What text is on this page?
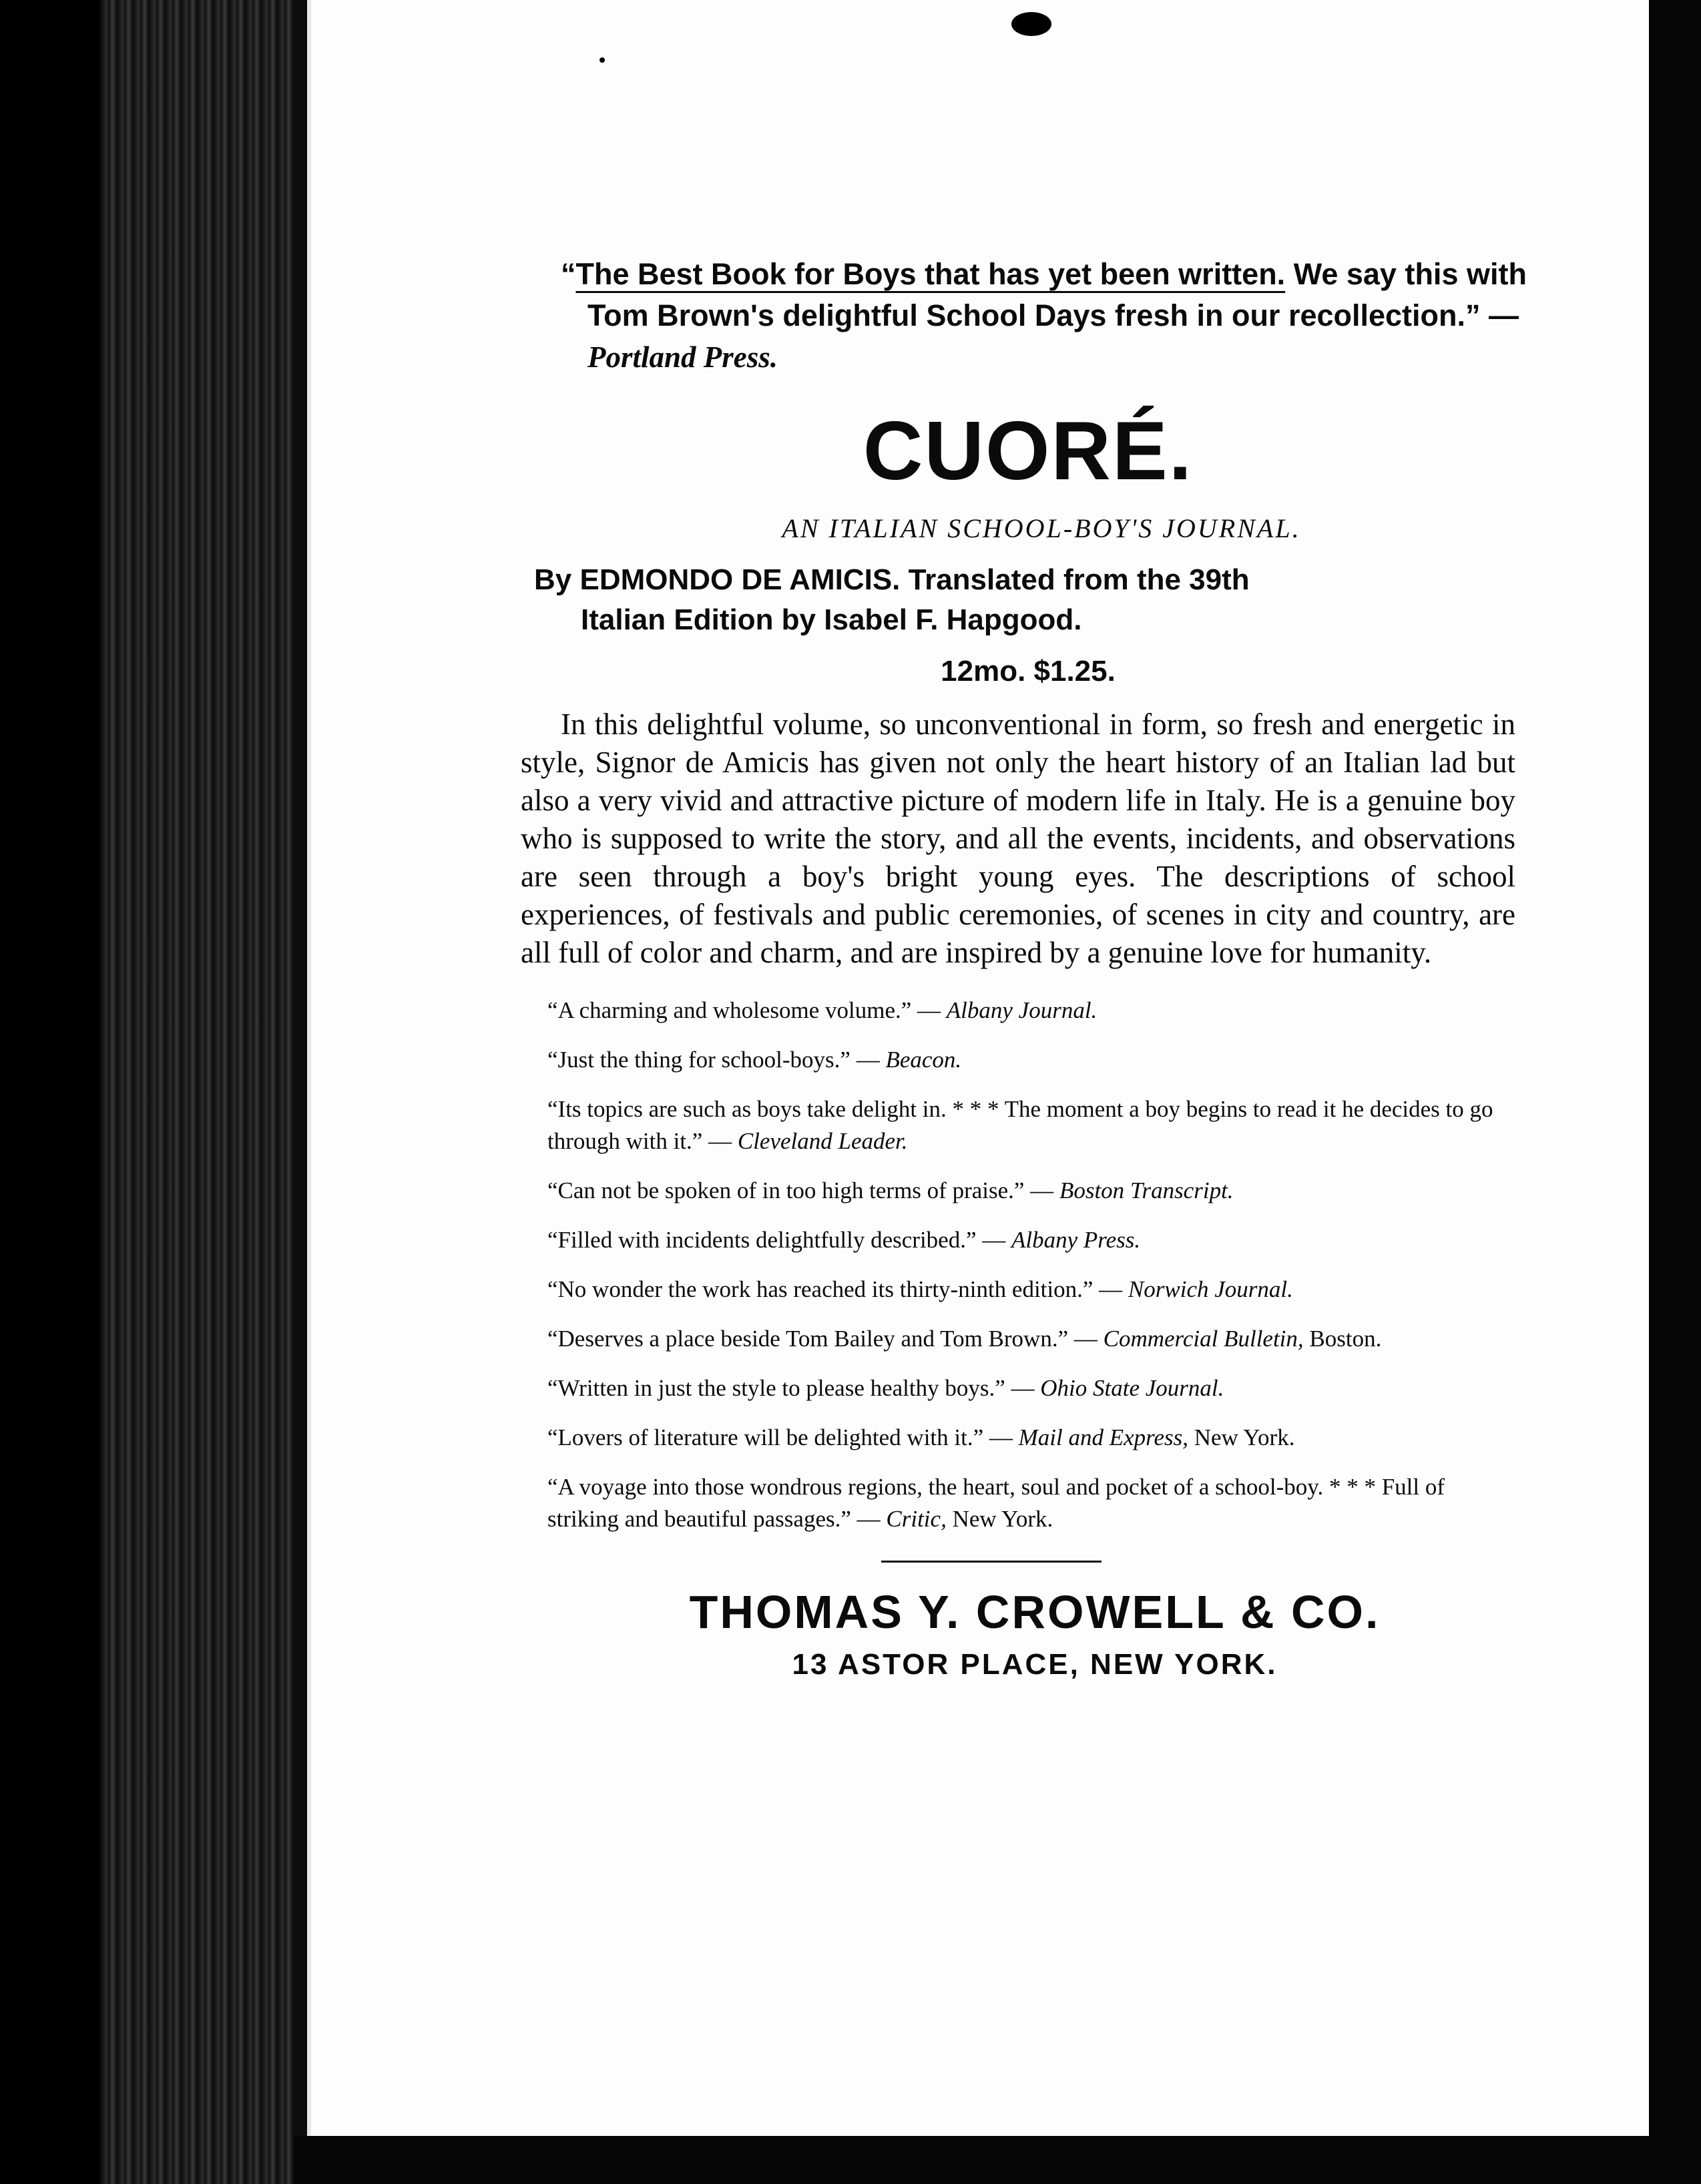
“The Best Book for Boys that has yet been written. We say this with Tom Brown's delightful School Days fresh in our recollection.” — Portland Press.

CUORÉ.
AN ITALIAN SCHOOL-BOY'S JOURNAL.
By EDMONDO DE AMICIS. Translated from the 39th
Italian Edition by Isabel F. Hapgood.
12mo. $1.25.

In this delightful volume, so unconventional in form, so fresh and energetic in style, Signor de Amicis has given not only the heart history of an Italian lad but also a very vivid and attractive picture of modern life in Italy. He is a genuine boy who is supposed to write the story, and all the events, incidents, and observations are seen through a boy's bright young eyes. The descriptions of school experiences, of festivals and public ceremonies, of scenes in city and country, are all full of color and charm, and are inspired by a genuine love for humanity.

“A charming and wholesome volume.” — Albany Journal.

“Just the thing for school-boys.” — Beacon.

“Its topics are such as boys take delight in. * * * The moment a boy begins to read it he decides to go through with it.” — Cleveland Leader.

“Can not be spoken of in too high terms of praise.” — Boston Transcript.

“Filled with incidents delightfully described.” — Albany Press.

“No wonder the work has reached its thirty-ninth edition.” — Norwich Journal.

“Deserves a place beside Tom Bailey and Tom Brown.” — Commercial Bulletin, Boston.

“Written in just the style to please healthy boys.” — Ohio State Journal.

“Lovers of literature will be delighted with it.” — Mail and Express, New York.

“A voyage into those wondrous regions, the heart, soul and pocket of a school-boy. * * * Full of striking and beautiful passages.” — Critic, New York.

THOMAS Y. CROWELL & CO.
13 ASTOR PLACE, NEW YORK.
